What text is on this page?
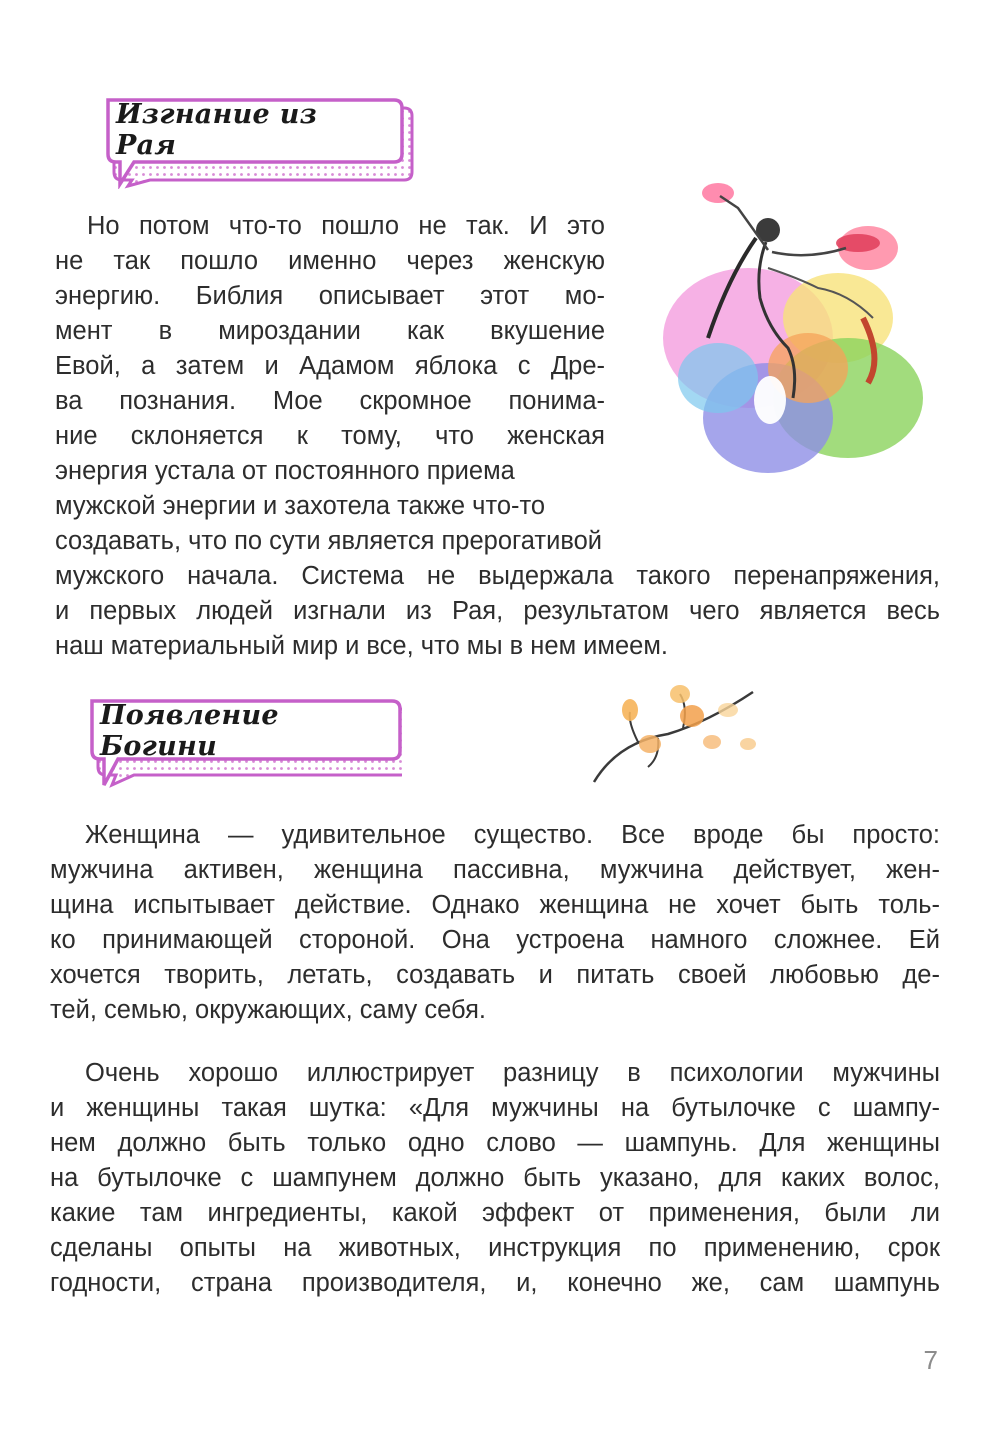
Изгнание из Рая
Но потом что-то пошло не так. И это
не так пошло именно через женскую
энергию. Библия описывает этот мо-
мент в мироздании как вкушение
Евой, а затем и Адамом яблока с Дре-
ва познания. Мое скромное понима-
ние склоняется к тому, что женская
энергия устала от постоянного приема
мужской энергии и захотела также что-то
создавать, что по сути является прерогативой
мужского начала. Система не выдержала такого перенапряжения,
и первых людей изгнали из Рая, результатом чего является весь
наш материальный мир и все, что мы в нем имеем.
Появление Богини
Женщина — удивительное существо. Все вроде бы просто:
мужчина активен, женщина пассивна, мужчина действует, жен-
щина испытывает действие. Однако женщина не хочет быть толь-
ко принимающей стороной. Она устроена намного сложнее. Ей
хочется творить, летать, создавать и питать своей любовью де-
тей, семью, окружающих, саму себя.
Очень хорошо иллюстрирует разницу в психологии мужчины
и женщины такая шутка: «Для мужчины на бутылочке с шампу-
нем должно быть только одно слово — шампунь. Для женщины
на бутылочке с шампунем должно быть указано, для каких волос,
какие там ингредиенты, какой эффект от применения, были ли
сделаны опыты на животных, инструкция по применению, срок
годности, страна производителя, и, конечно же, сам шампунь
7
